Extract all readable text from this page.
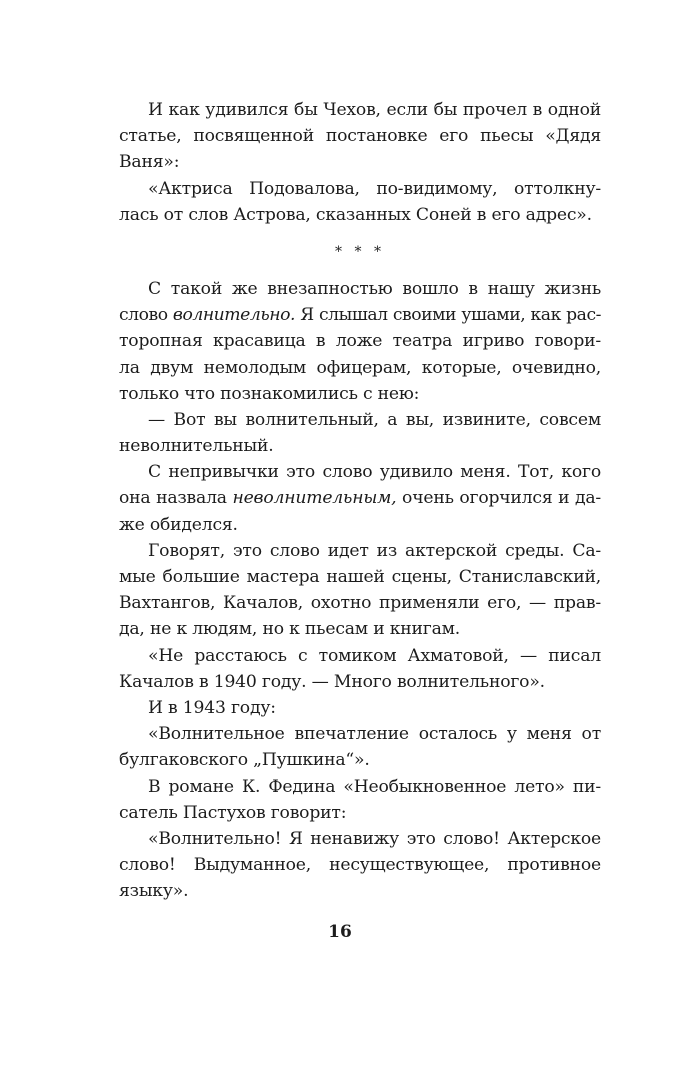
И как удивился бы Чехов, если бы прочел в одной
статье, посвященной постановке его пьесы «Дядя
Ваня»:
«Актриса Подовалова, по-видимому, оттолкну-
лась от слов Астрова, сказанных Соней в его адрес».
* * *
С такой же внезапностью вошло в нашу жизнь
слово волнительно. Я слышал своими ушами, как рас-
торопная красавица в ложе театра игриво говори-
ла двум немолодым офицерам, которые, очевидно,
только что познакомились с нею:
— Вот вы волнительный, а вы, извините, совсем
неволнительный.
С непривычки это слово удивило меня. Тот, кого
она назвала неволнительным, очень огорчился и да-
же обиделся.
Говорят, это слово идет из актерской среды. Са-
мые большие мастера нашей сцены, Станиславский,
Вахтангов, Качалов, охотно применяли его, — прав-
да, не к людям, но к пьесам и книгам.
«Не расстаюсь с томиком Ахматовой, — писал
Качалов в 1940 году. — Много волнительного».
И в 1943 году:
«Волнительное впечатление осталось у меня от
булгаковского „Пушкина“».
В романе К. Федина «Необыкновенное лето» пи-
сатель Пастухов говорит:
«Волнительно! Я ненавижу это слово! Актерское
слово! Выдуманное, несуществующее, противное
языку».
16
